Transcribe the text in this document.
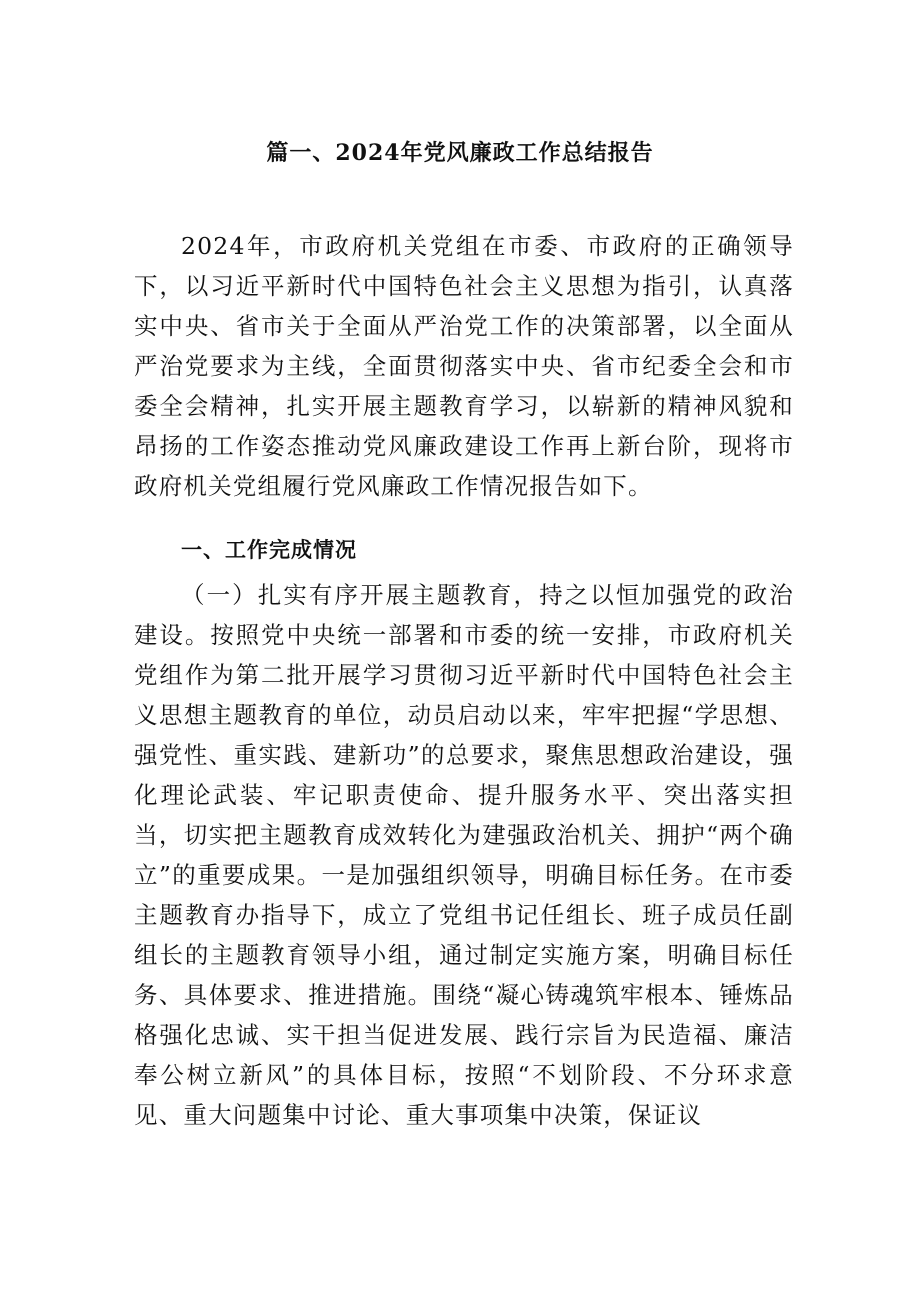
篇一、2024年党风廉政工作总结报告

2024年，市政府机关党组在市委、市政府的正确领导下，以习近平新时代中国特色社会主义思想为指引，认真落实中央、省市关于全面从严治党工作的决策部署，以全面从严治党要求为主线，全面贯彻落实中央、省市纪委全会和市委全会精神，扎实开展主题教育学习，以崭新的精神风貌和昂扬的工作姿态推动党风廉政建设工作再上新台阶，现将市政府机关党组履行党风廉政工作情况报告如下。

一、工作完成情况

（一）扎实有序开展主题教育，持之以恒加强党的政治建设。按照党中央统一部署和市委的统一安排，市政府机关党组作为第二批开展学习贯彻习近平新时代中国特色社会主义思想主题教育的单位，动员启动以来，牢牢把握“学思想、强党性、重实践、建新功”的总要求，聚焦思想政治建设，强化理论武装、牢记职责使命、提升服务水平、突出落实担当，切实把主题教育成效转化为建强政治机关、拥护“两个确立”的重要成果。一是加强组织领导，明确目标任务。在市委主题教育办指导下，成立了党组书记任组长、班子成员任副组长的主题教育领导小组，通过制定实施方案，明确目标任务、具体要求、推进措施。围绕“凝心铸魂筑牢根本、锤炼品格强化忠诚、实干担当促进发展、践行宗旨为民造福、廉洁奉公树立新风”的具体目标，按照“不划阶段、不分环求意见、重大问题集中讨论、重大事项集中决策，保证议
